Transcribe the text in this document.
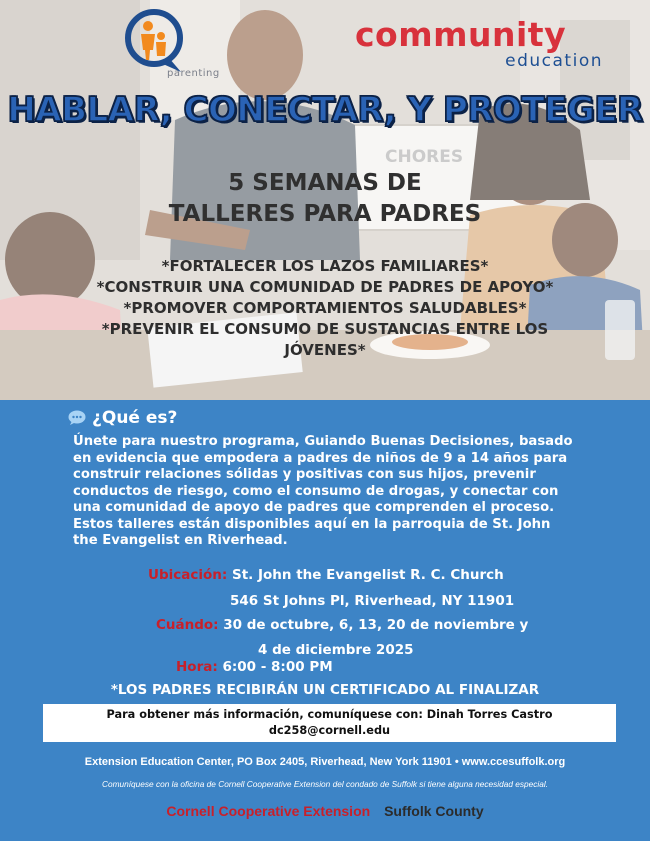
CHORES
parenting
community
education
HABLAR, CONECTAR, Y PROTEGER
5 SEMANAS DE
TALLERES PARA PADRES
*FORTALECER LOS LAZOS FAMILIARES*
*CONSTRUIR UNA COMUNIDAD DE PADRES DE APOYO*
*PROMOVER COMPORTAMIENTOS SALUDABLES*
*PREVENIR EL CONSUMO DE SUSTANCIAS ENTRE LOS
JÓVENES*
¿Qué es?

Únete para nuestro programa, Guiando Buenas Decisiones, basado en evidencia que empodera a padres de niños de 9 a 14 años para construir relaciones sólidas y positivas con sus hijos, prevenir conductos de riesgo, como el consumo de drogas, y conectar con una comunidad de apoyo de padres que comprenden el proceso. Estos talleres están disponibles aquí en la parroquia de St. John the Evangelist en Riverhead.

Ubicación: St. John the Evangelist R. C. Church
546 St Johns Pl, Riverhead, NY 11901
Cuándo: 30 de octubre, 6, 13, 20 de noviembre y
4 de diciembre 2025
Hora: 6:00 - 8:00 PM
*LOS PADRES RECIBIRÁN UN CERTIFICADO AL FINALIZAR
Para obtener más información, comuníquese con: Dinah Torres Castro
dc258@cornell.edu
Extension Education Center, PO Box 2405, Riverhead, New York 11901 • www.ccesuffolk.org
Comuníquese con la oficina de Cornell Cooperative Extension del condado de Suffolk si tiene alguna necesidad especial.
Cornell Cooperative Extension Suffolk County
